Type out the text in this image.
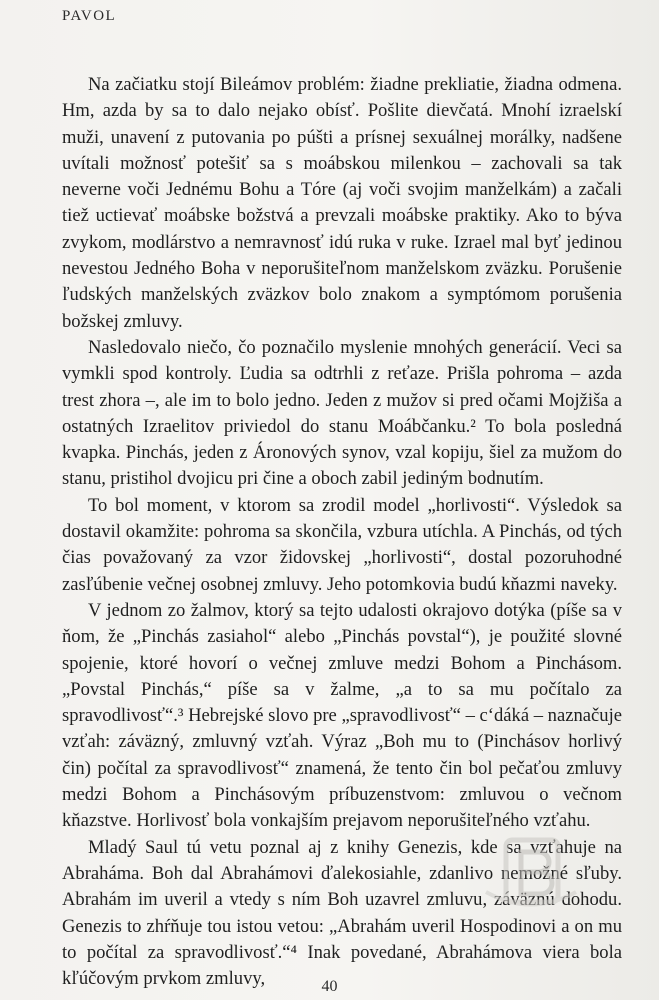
PAVOL

Na začiatku stojí Bileámov problém: žiadne prekliatie, žiadna odmena. Hm, azda by sa to dalo nejako obísť. Pošlite dievčatá. Mnohí izraelskí muži, unavení z putovania po púšti a prísnej sexuálnej morálky, nadšene uvítali možnosť potešiť sa s moábskou milenkou – zachovali sa tak neverne voči Jednému Bohu a Tóre (aj voči svojim manželkám) a začali tiež uctievať moábske božstvá a prevzali moábske praktiky. Ako to býva zvykom, modlárstvo a nemravnosť idú ruka v ruke. Izrael mal byť jedinou nevestou Jedného Boha v neporušiteľnom manželskom zväzku. Porušenie ľudských manželských zväzkov bolo znakom a symptómom porušenia božskej zmluvy.

Nasledovalo niečo, čo poznačilo myslenie mnohých generácií. Veci sa vymkli spod kontroly. Ľudia sa odtrhli z reťaze. Prišla pohroma – azda trest zhora –, ale im to bolo jedno. Jeden z mužov si pred očami Mojžiša a ostatných Izraelitov priviedol do stanu Moábčanku.² To bola posledná kvapka. Pinchás, jeden z Áronových synov, vzal kopiju, šiel za mužom do stanu, pristihol dvojicu pri čine a oboch zabil jediným bodnutím.

To bol moment, v ktorom sa zrodil model „horlivosti“. Výsledok sa dostavil okamžite: pohroma sa skončila, vzbura utíchla. A Pinchás, od tých čias považovaný za vzor židovskej „horlivosti“, dostal pozoruhodné zasľúbenie večnej osobnej zmluvy. Jeho potomkovia budú kňazmi naveky.

V jednom zo žalmov, ktorý sa tejto udalosti okrajovo dotýka (píše sa v ňom, že „Pinchás zasiahol“ alebo „Pinchás povstal“), je použité slovné spojenie, ktoré hovorí o večnej zmluve medzi Bohom a Pinchásom. „Povstal Pinchás,“ píše sa v žalme, „a to sa mu počítalo za spravodlivosť“.³ Hebrejské slovo pre „spravodlivosť“ – c‘dáká – naznačuje vzťah: záväzný, zmluvný vzťah. Výraz „Boh mu to (Pinchásov horlivý čin) počítal za spravodlivosť“ znamená, že tento čin bol pečaťou zmluvy medzi Bohom a Pinchásovým príbuzenstvom: zmluvou o večnom kňazstve. Horlivosť bola vonkajším prejavom neporušiteľného vzťahu.

Mladý Saul tú vetu poznal aj z knihy Genezis, kde sa vzťahuje na Abraháma. Boh dal Abrahámovi ďalekosiahle, zdanlivo nemožné sľuby. Abrahám im uveril a vtedy s ním Boh uzavrel zmluvu, záväznú dohodu. Genezis to zhŕňuje tou istou vetou: „Abrahám uveril Hospodinovi a on mu to počítal za spravodlivosť.“⁴ Inak povedané, Abrahámova viera bola kľúčovým prvkom zmluvy,	40
